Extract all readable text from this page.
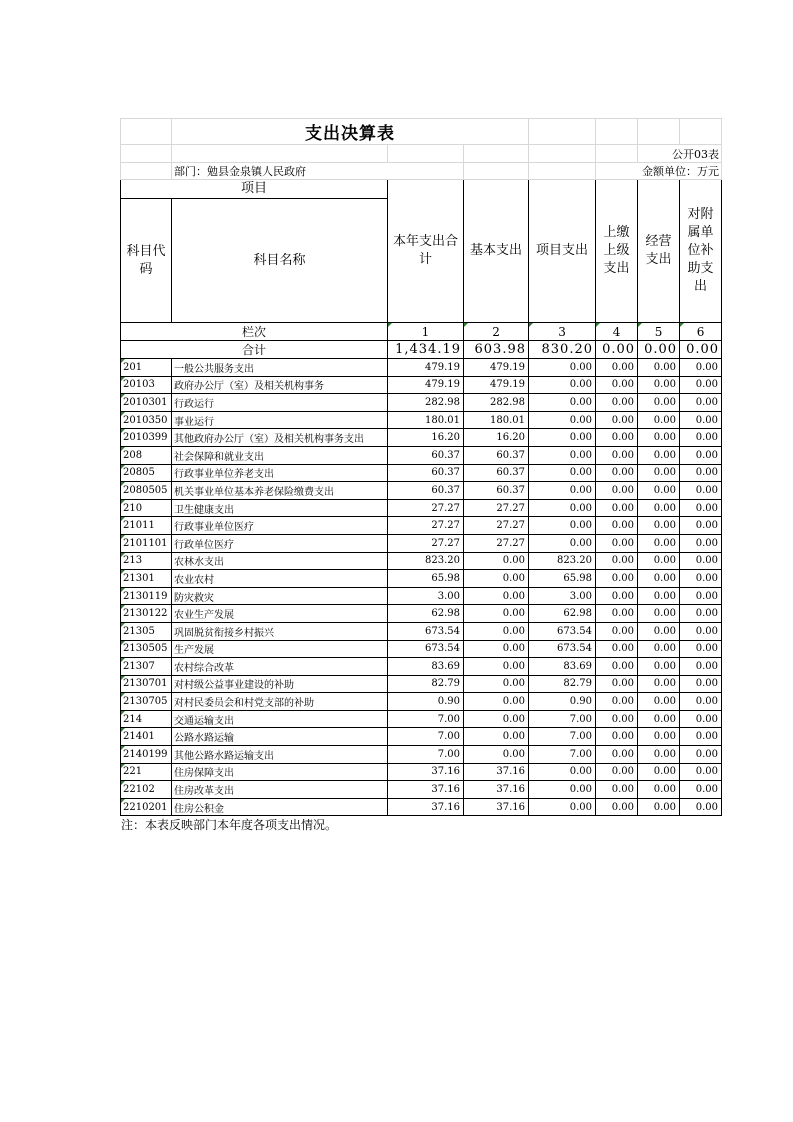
	支出决算表						
						公开03表	
	部门：勉县金泉镇人民政府				金额单位：万元		
项目		本年支出合计	基本支出	项目支出	上缴上级支出	经营支出	对附属单位补助支出
科目代码	科目名称						
栏次		1	2	3	4	5	6
合计		1,434.19	603.98	830.20	0.00	0.00	0.00
201	一般公共服务支出	479.19	479.19	0.00	0.00	0.00	0.00
20103	政府办公厅（室）及相关机构事务	479.19	479.19	0.00	0.00	0.00	0.00
2010301	行政运行	282.98	282.98	0.00	0.00	0.00	0.00
2010350	事业运行	180.01	180.01	0.00	0.00	0.00	0.00
2010399	其他政府办公厅（室）及相关机构事务支出	16.20	16.20	0.00	0.00	0.00	0.00
208	社会保障和就业支出	60.37	60.37	0.00	0.00	0.00	0.00
20805	行政事业单位养老支出	60.37	60.37	0.00	0.00	0.00	0.00
2080505	机关事业单位基本养老保险缴费支出	60.37	60.37	0.00	0.00	0.00	0.00
210	卫生健康支出	27.27	27.27	0.00	0.00	0.00	0.00
21011	行政事业单位医疗	27.27	27.27	0.00	0.00	0.00	0.00
2101101	行政单位医疗	27.27	27.27	0.00	0.00	0.00	0.00
213	农林水支出	823.20	0.00	823.20	0.00	0.00	0.00
21301	农业农村	65.98	0.00	65.98	0.00	0.00	0.00
2130119	防灾救灾	3.00	0.00	3.00	0.00	0.00	0.00
2130122	农业生产发展	62.98	0.00	62.98	0.00	0.00	0.00
21305	巩固脱贫衔接乡村振兴	673.54	0.00	673.54	0.00	0.00	0.00
2130505	生产发展	673.54	0.00	673.54	0.00	0.00	0.00
21307	农村综合改革	83.69	0.00	83.69	0.00	0.00	0.00
2130701	对村级公益事业建设的补助	82.79	0.00	82.79	0.00	0.00	0.00
2130705	对村民委员会和村党支部的补助	0.90	0.00	0.90	0.00	0.00	0.00
214	交通运输支出	7.00	0.00	7.00	0.00	0.00	0.00
21401	公路水路运输	7.00	0.00	7.00	0.00	0.00	0.00
2140199	其他公路水路运输支出	7.00	0.00	7.00	0.00	0.00	0.00
221	住房保障支出	37.16	37.16	0.00	0.00	0.00	0.00
22102	住房改革支出	37.16	37.16	0.00	0.00	0.00	0.00
2210201	住房公积金	37.16	37.16	0.00	0.00	0.00	0.00
注：本表反映部门本年度各项支出情况。
